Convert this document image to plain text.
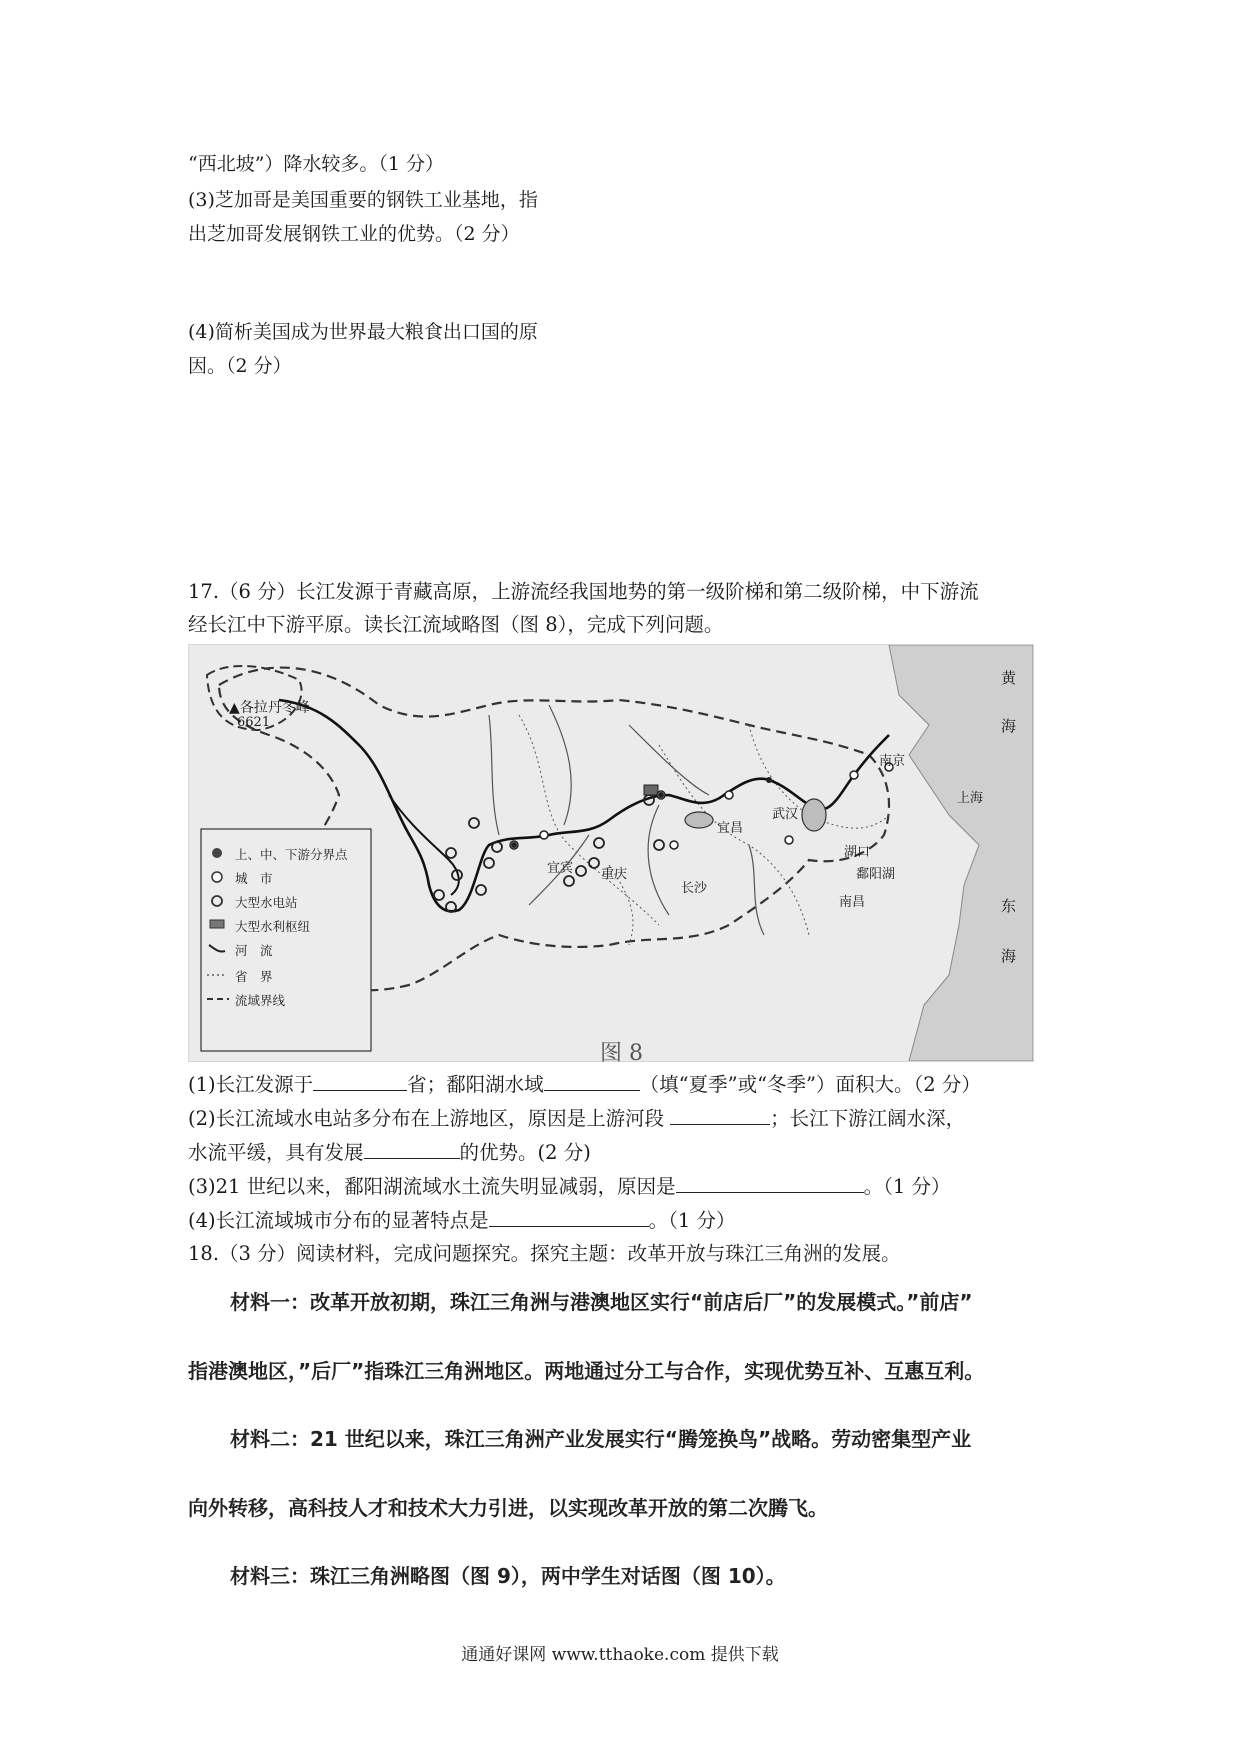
“西北坡”）降水较多。（1 分）
(3)芝加哥是美国重要的钢铁工业基地，指
出芝加哥发展钢铁工业的优势。（2 分）
(4)简析美国成为世界最大粮食出口国的原
因。（2 分）
17.（6 分）长江发源于青藏高原，上游流经我国地势的第一级阶梯和第二级阶梯，中下游流
经长江中下游平原。读长江流域略图（图 8），完成下列问题。
▲各拉丹冬峰
6621
黄
海
东
海
上海
南京
武汉
宜昌
湖口
鄱阳湖
南昌
长沙
宜宾 重庆
上、中、下游分界点
城　市
大型水电站
大型水利枢纽
河　流
省　界
流域界线
图 8
(1)长江发源于	省；鄱阳湖水域	（填“夏季”或“冬季”）面积大。（2 分）
(2)长江流域水电站多分布在上游地区，原因是上游河段	；长江下游江阔水深，
水流平缓，具有发展	的优势。(2 分)
(3)21 世纪以来，鄱阳湖流域水土流失明显减弱，原因是	。（1 分）
(4)长江流域城市分布的显著特点是	。（1 分）
18.（3 分）阅读材料，完成问题探究。探究主题：改革开放与珠江三角洲的发展。
材料一：改革开放初期，珠江三角洲与港澳地区实行“前店后厂”的发展模式。”前店”
指港澳地区，”后厂”指珠江三角洲地区。两地通过分工与合作，实现优势互补、互惠互利。
材料二：21 世纪以来，珠江三角洲产业发展实行“腾笼换鸟”战略。劳动密集型产业
向外转移，高科技人才和技术大力引进，以实现改革开放的第二次腾飞。
材料三：珠江三角洲略图（图 9），两中学生对话图（图 10）。
通通好课网 www.tthaoke.com 提供下载
